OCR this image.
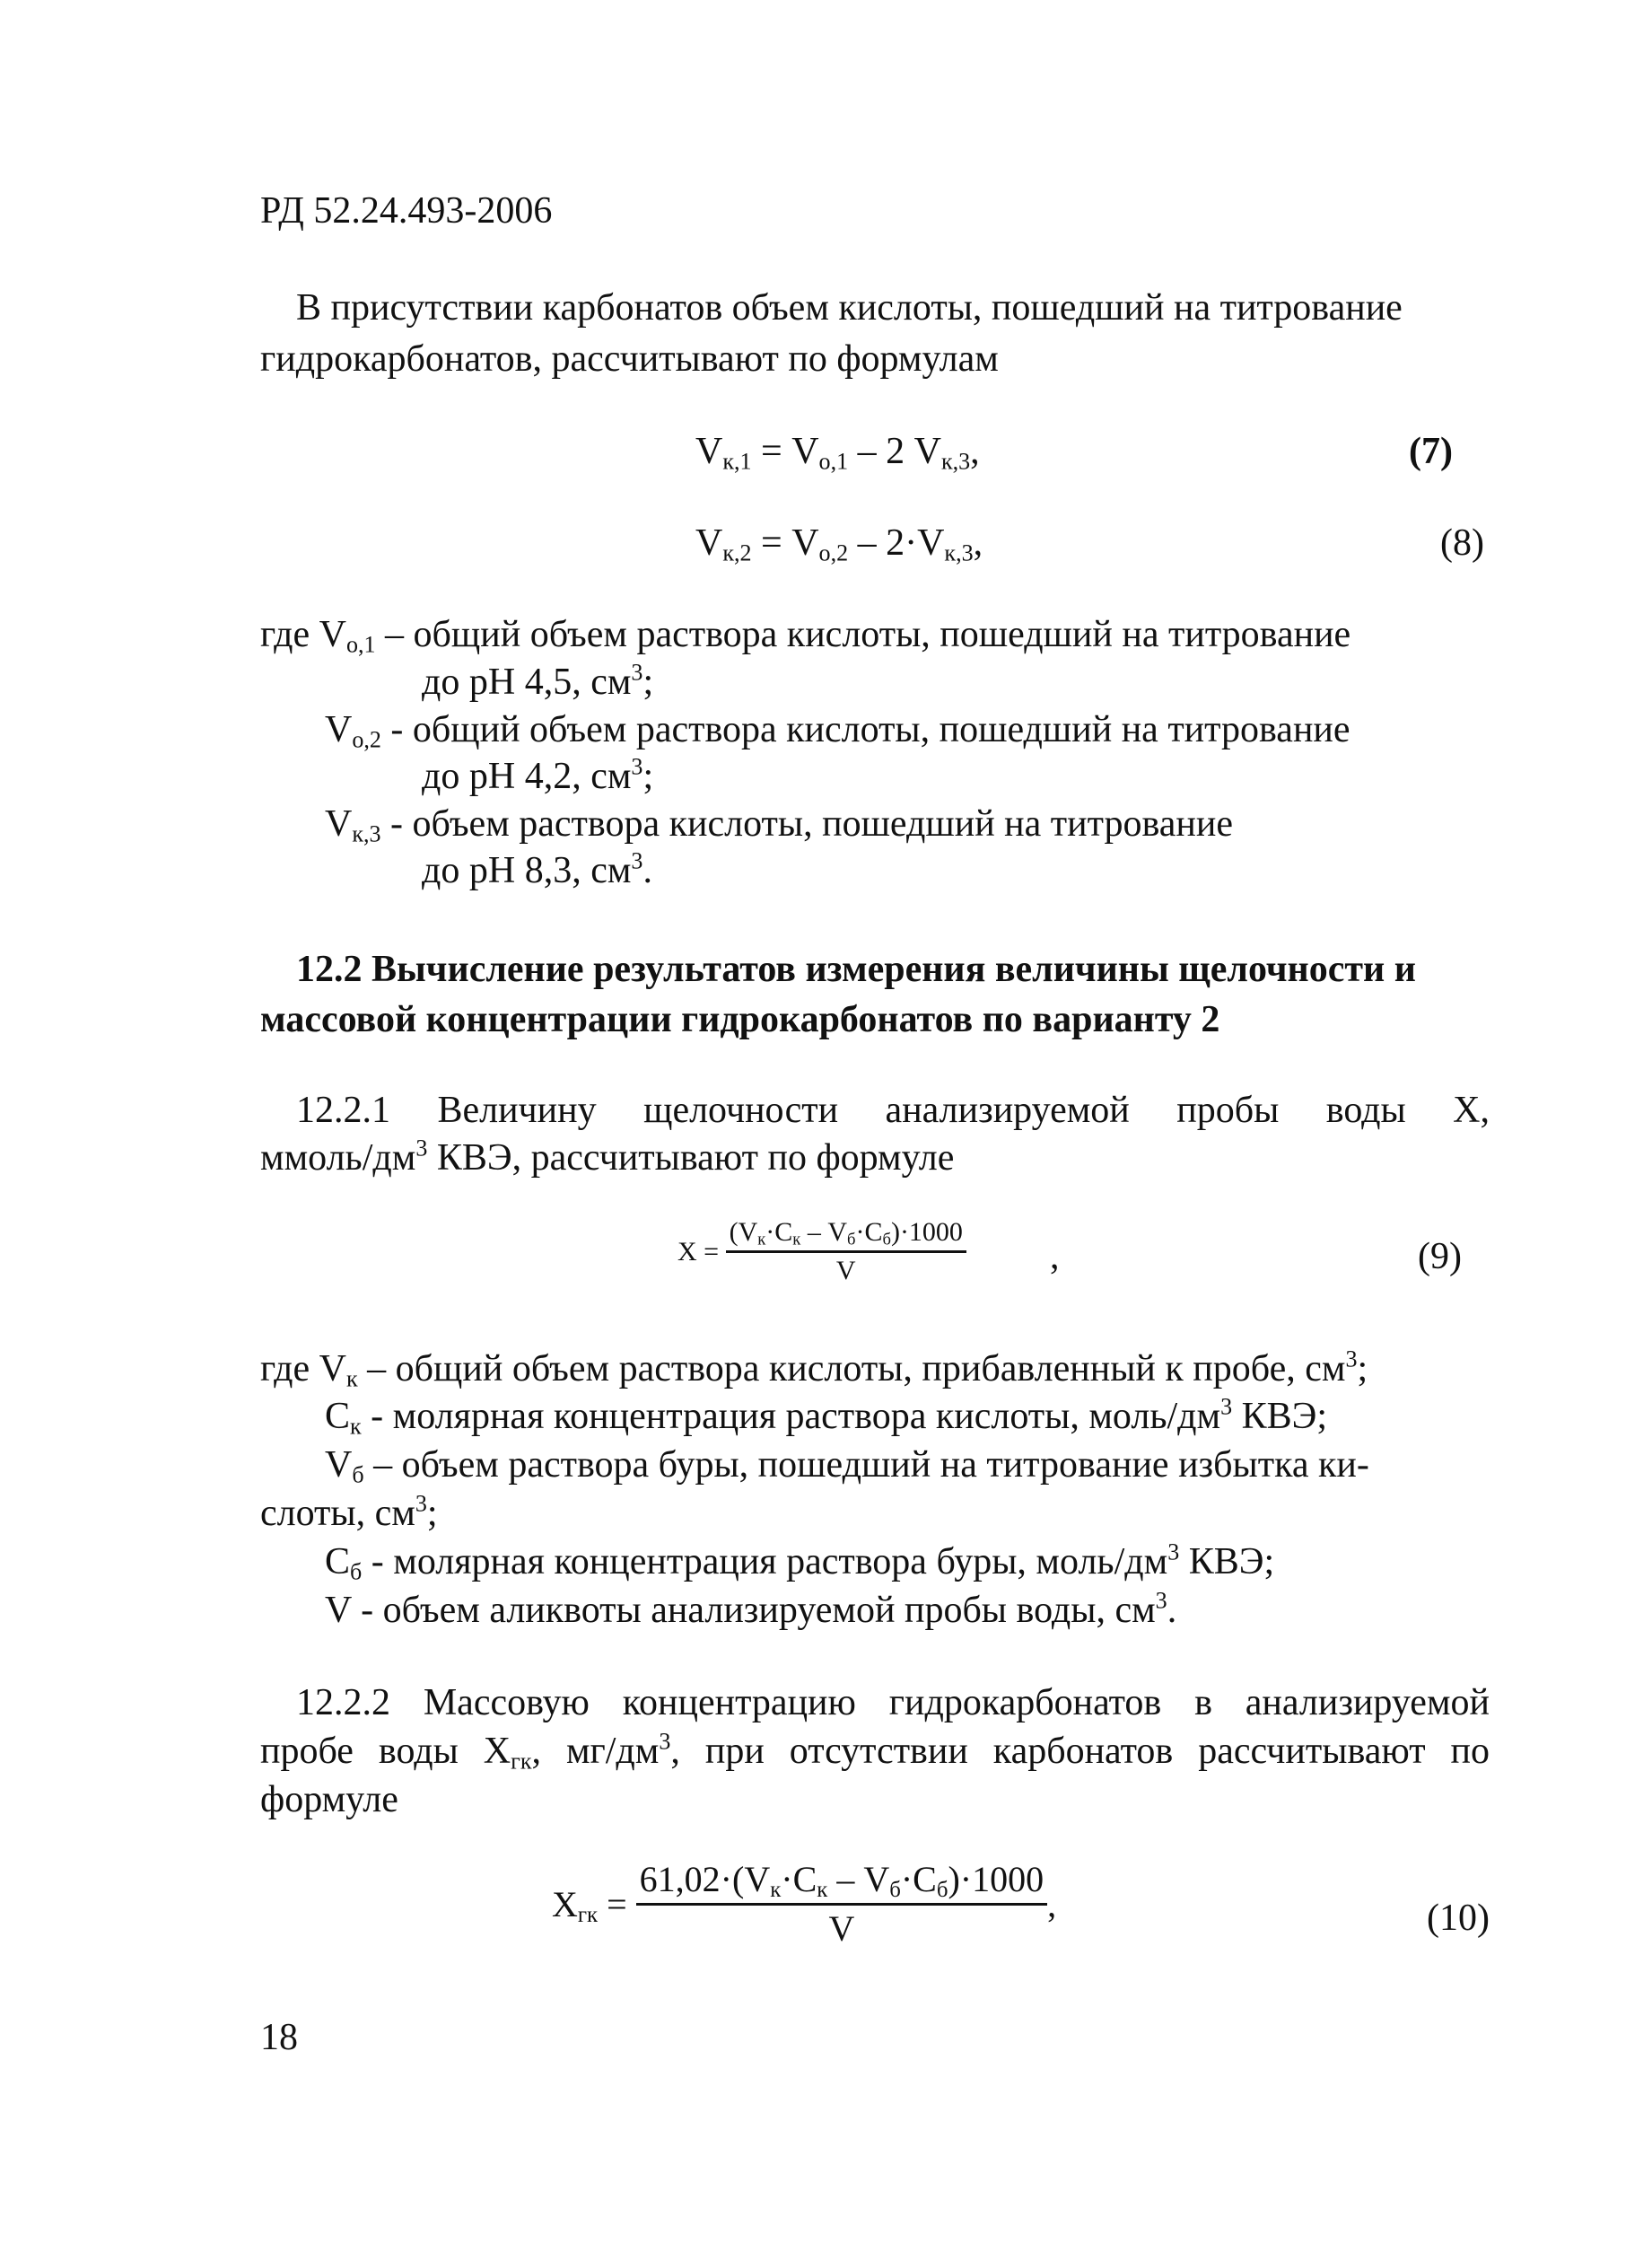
РД 52.24.493-2006
В присутствии карбонатов объем кислоты, пошедший на титрование
гидрокарбонатов, рассчитывают по формулам
$V_{к,1} = V_{о,1} - 2$ $V_{к,3}$,	(7)
$V_{к,2} = V_{о,2} - 2\cdot V_{к,3}$,	(8)
где $V_{о,1}$ – общий объем раствора кислоты, пошедший на титрование
до рН 4,5, $см^3$;
$V_{о,2}$ - общий объем раствора кислоты, пошедший на титрование
до рН 4,2, $см^3$;
$V_{к,3}$ - объем раствора кислоты, пошедший на титрование
до рН 8,3, $см^3$.
12.2 Вычисление результатов измерения величины щелочности и
массовой концентрации гидрокарбонатов по варианту 2
12.2.1 Величину щелочности анализируемой пробы воды Х,
ммоль/$дм^3$ КВЭ, рассчитывают по формуле
$X = \frac{(V_к\cdot C_к - V_б\cdot C_б)\cdot 1000}{V}$ ,	(9)
где $V_к$ – общий объем раствора кислоты, прибавленный к пробе, $см^3$;
$C_к$ - молярная концентрация раствора кислоты, моль/$дм^3$ КВЭ;
$V_б$ – объем раствора буры, пошедший на титрование избытка ки-
слоты, $см^3$;
$C_б$ - молярная концентрация раствора буры, моль/$дм^3$ КВЭ;
V - объем аликвоты анализируемой пробы воды, $см^3$.
12.2.2 Массовую концентрацию гидрокарбонатов в анализируемой
пробе воды $Х_{гк}$, $мг/дм^3$, при отсутствии карбонатов рассчитывают по
формуле
$X_{гк} = \frac{61,02\cdot(V_к\cdot C_к - V_б\cdot C_б)\cdot 1000}{V}$ ,	(10)
18
